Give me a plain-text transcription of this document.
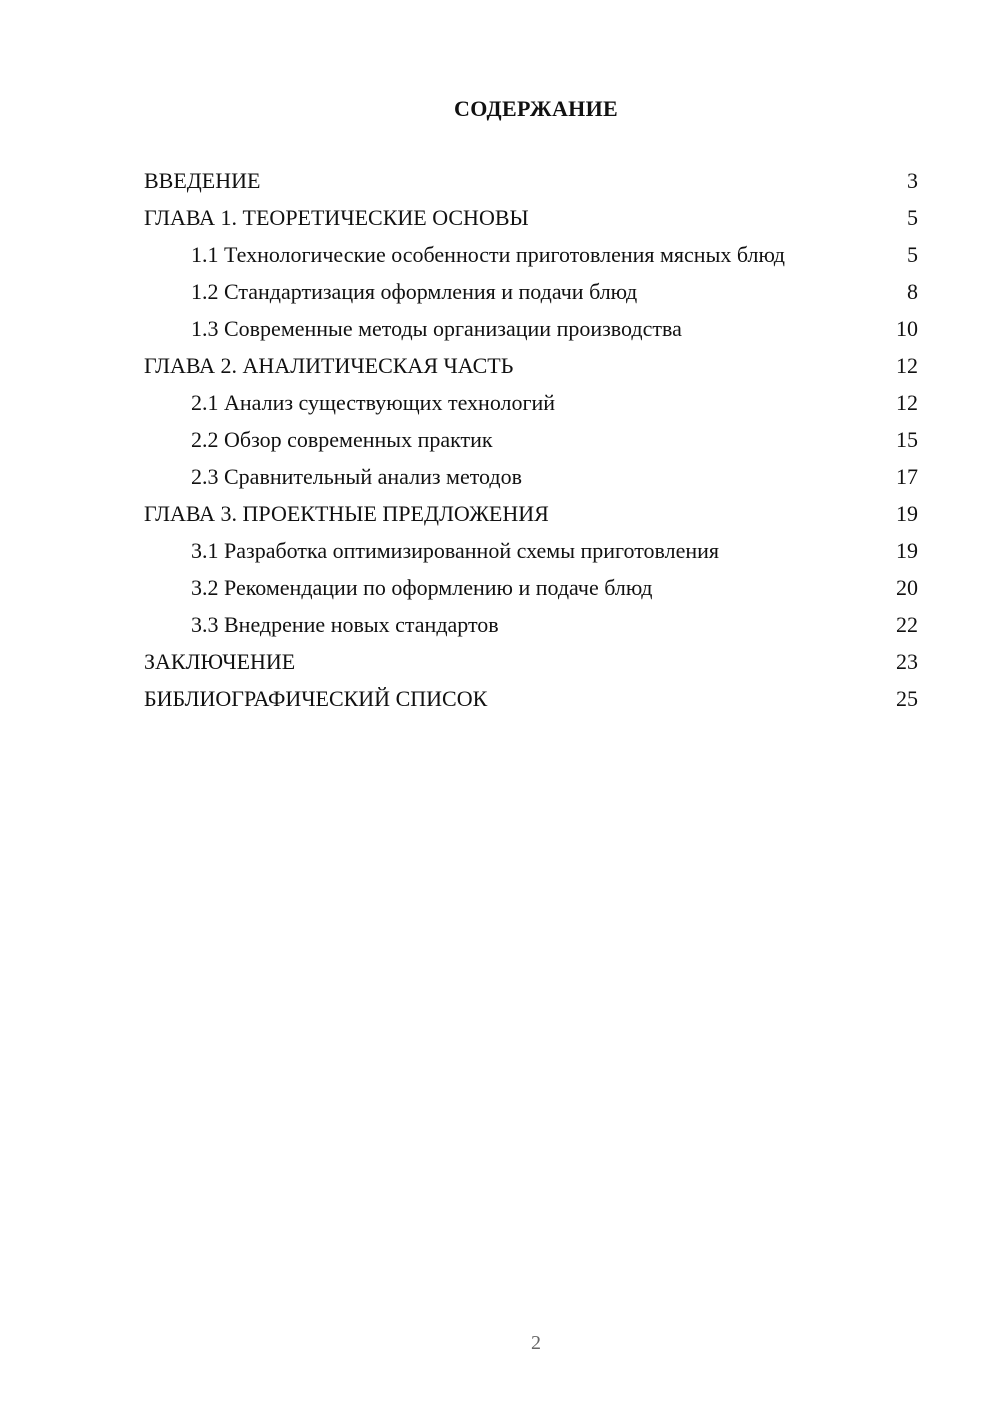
СОДЕРЖАНИЕ
ВВЕДЕНИЕ	3
ГЛАВА 1. ТЕОРЕТИЧЕСКИЕ ОСНОВЫ	5
1.1 Технологические особенности приготовления мясных блюд	5
1.2 Стандартизация оформления и подачи блюд	8
1.3 Современные методы организации производства	10
ГЛАВА 2. АНАЛИТИЧЕСКАЯ ЧАСТЬ	12
2.1 Анализ существующих технологий	12
2.2 Обзор современных практик	15
2.3 Сравнительный анализ методов	17
ГЛАВА 3. ПРОЕКТНЫЕ ПРЕДЛОЖЕНИЯ	19
3.1 Разработка оптимизированной схемы приготовления	19
3.2 Рекомендации по оформлению и подаче блюд	20
3.3 Внедрение новых стандартов	22
ЗАКЛЮЧЕНИЕ	23
БИБЛИОГРАФИЧЕСКИЙ СПИСОК	25
2
